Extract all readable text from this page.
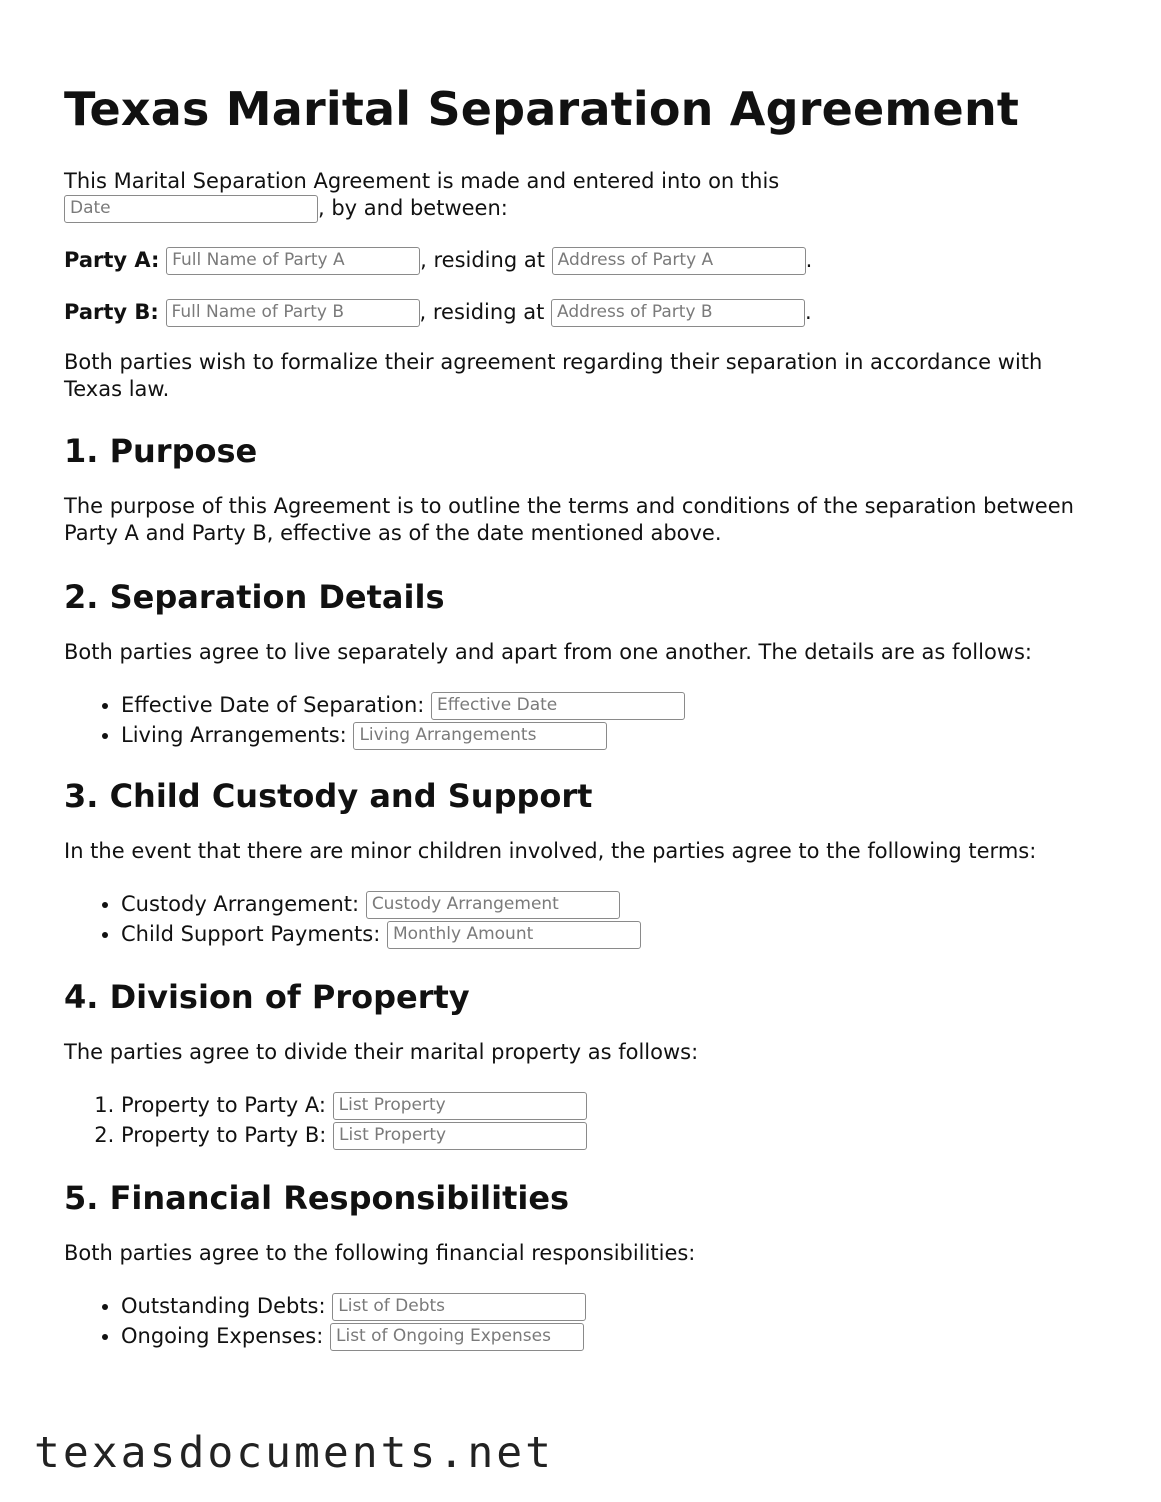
Texas Marital Separation Agreement

This Marital Separation Agreement is made and entered into on this
Date	, by and between:

Party A: Full Name of Party A	, residing at Address of Party A	.
Party B: Full Name of Party B	, residing at Address of Party B	.

Both parties wish to formalize their agreement regarding their separation in accordance with Texas law.

1. Purpose

The purpose of this Agreement is to outline the terms and conditions of the separation between Party A and Party B, effective as of the date mentioned above.

2. Separation Details

Both parties agree to live separately and apart from one another. The details are as follows:

• Effective Date of Separation: Effective Date
• Living Arrangements: Living Arrangements
3. Child Custody and Support

In the event that there are minor children involved, the parties agree to the following terms:

• Custody Arrangement: Custody Arrangement
• Child Support Payments: Monthly Amount
4. Division of Property

The parties agree to divide their marital property as follows:

1. Property to Party A: List Property
2. Property to Party B: List Property
5. Financial Responsibilities

Both parties agree to the following financial responsibilities:

• Outstanding Debts: List of Debts
• Ongoing Expenses: List of Ongoing Expenses
texasdocuments.net
